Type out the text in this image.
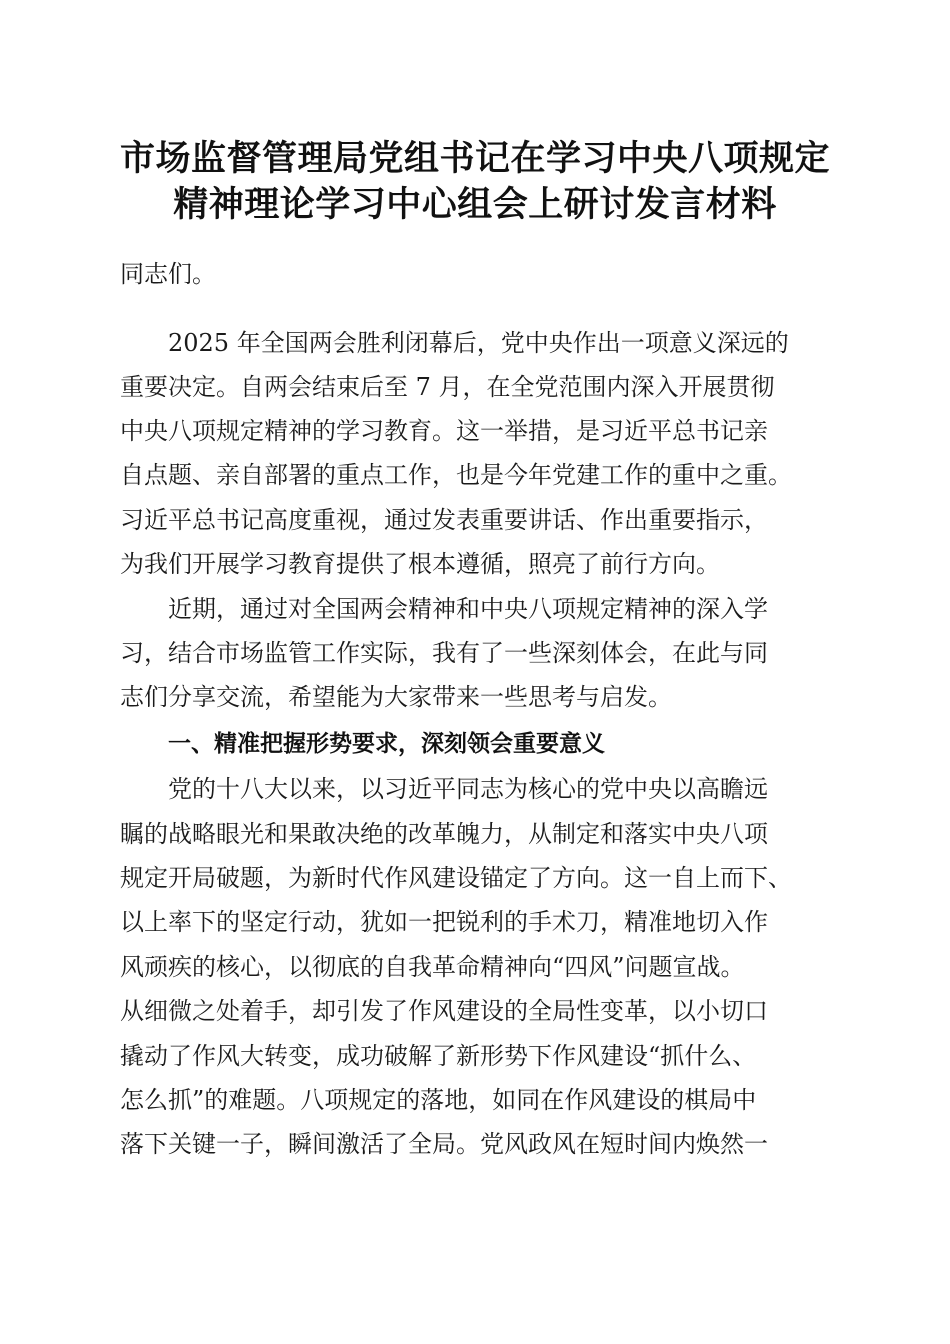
市场监督管理局党组书记在学习中央八项规定
精神理论学习中心组会上研讨发言材料
同志们。
2025 年全国两会胜利闭幕后，党中央作出一项意义深远的
重要决定。自两会结束后至 7 月，在全党范围内深入开展贯彻
中央八项规定精神的学习教育。这一举措，是习近平总书记亲
自点题、亲自部署的重点工作，也是今年党建工作的重中之重。
习近平总书记高度重视，通过发表重要讲话、作出重要指示，
为我们开展学习教育提供了根本遵循，照亮了前行方向。
近期，通过对全国两会精神和中央八项规定精神的深入学
习，结合市场监管工作实际，我有了一些深刻体会，在此与同
志们分享交流，希望能为大家带来一些思考与启发。
一、精准把握形势要求，深刻领会重要意义
党的十八大以来，以习近平同志为核心的党中央以高瞻远
瞩的战略眼光和果敢决绝的改革魄力，从制定和落实中央八项
规定开局破题，为新时代作风建设锚定了方向。这一自上而下、
以上率下的坚定行动，犹如一把锐利的手术刀，精准地切入作
风顽疾的核心，以彻底的自我革命精神向“四风”问题宣战。
从细微之处着手，却引发了作风建设的全局性变革，以小切口
撬动了作风大转变，成功破解了新形势下作风建设“抓什么、
怎么抓”的难题。八项规定的落地，如同在作风建设的棋局中
落下关键一子，瞬间激活了全局。党风政风在短时间内焕然一
